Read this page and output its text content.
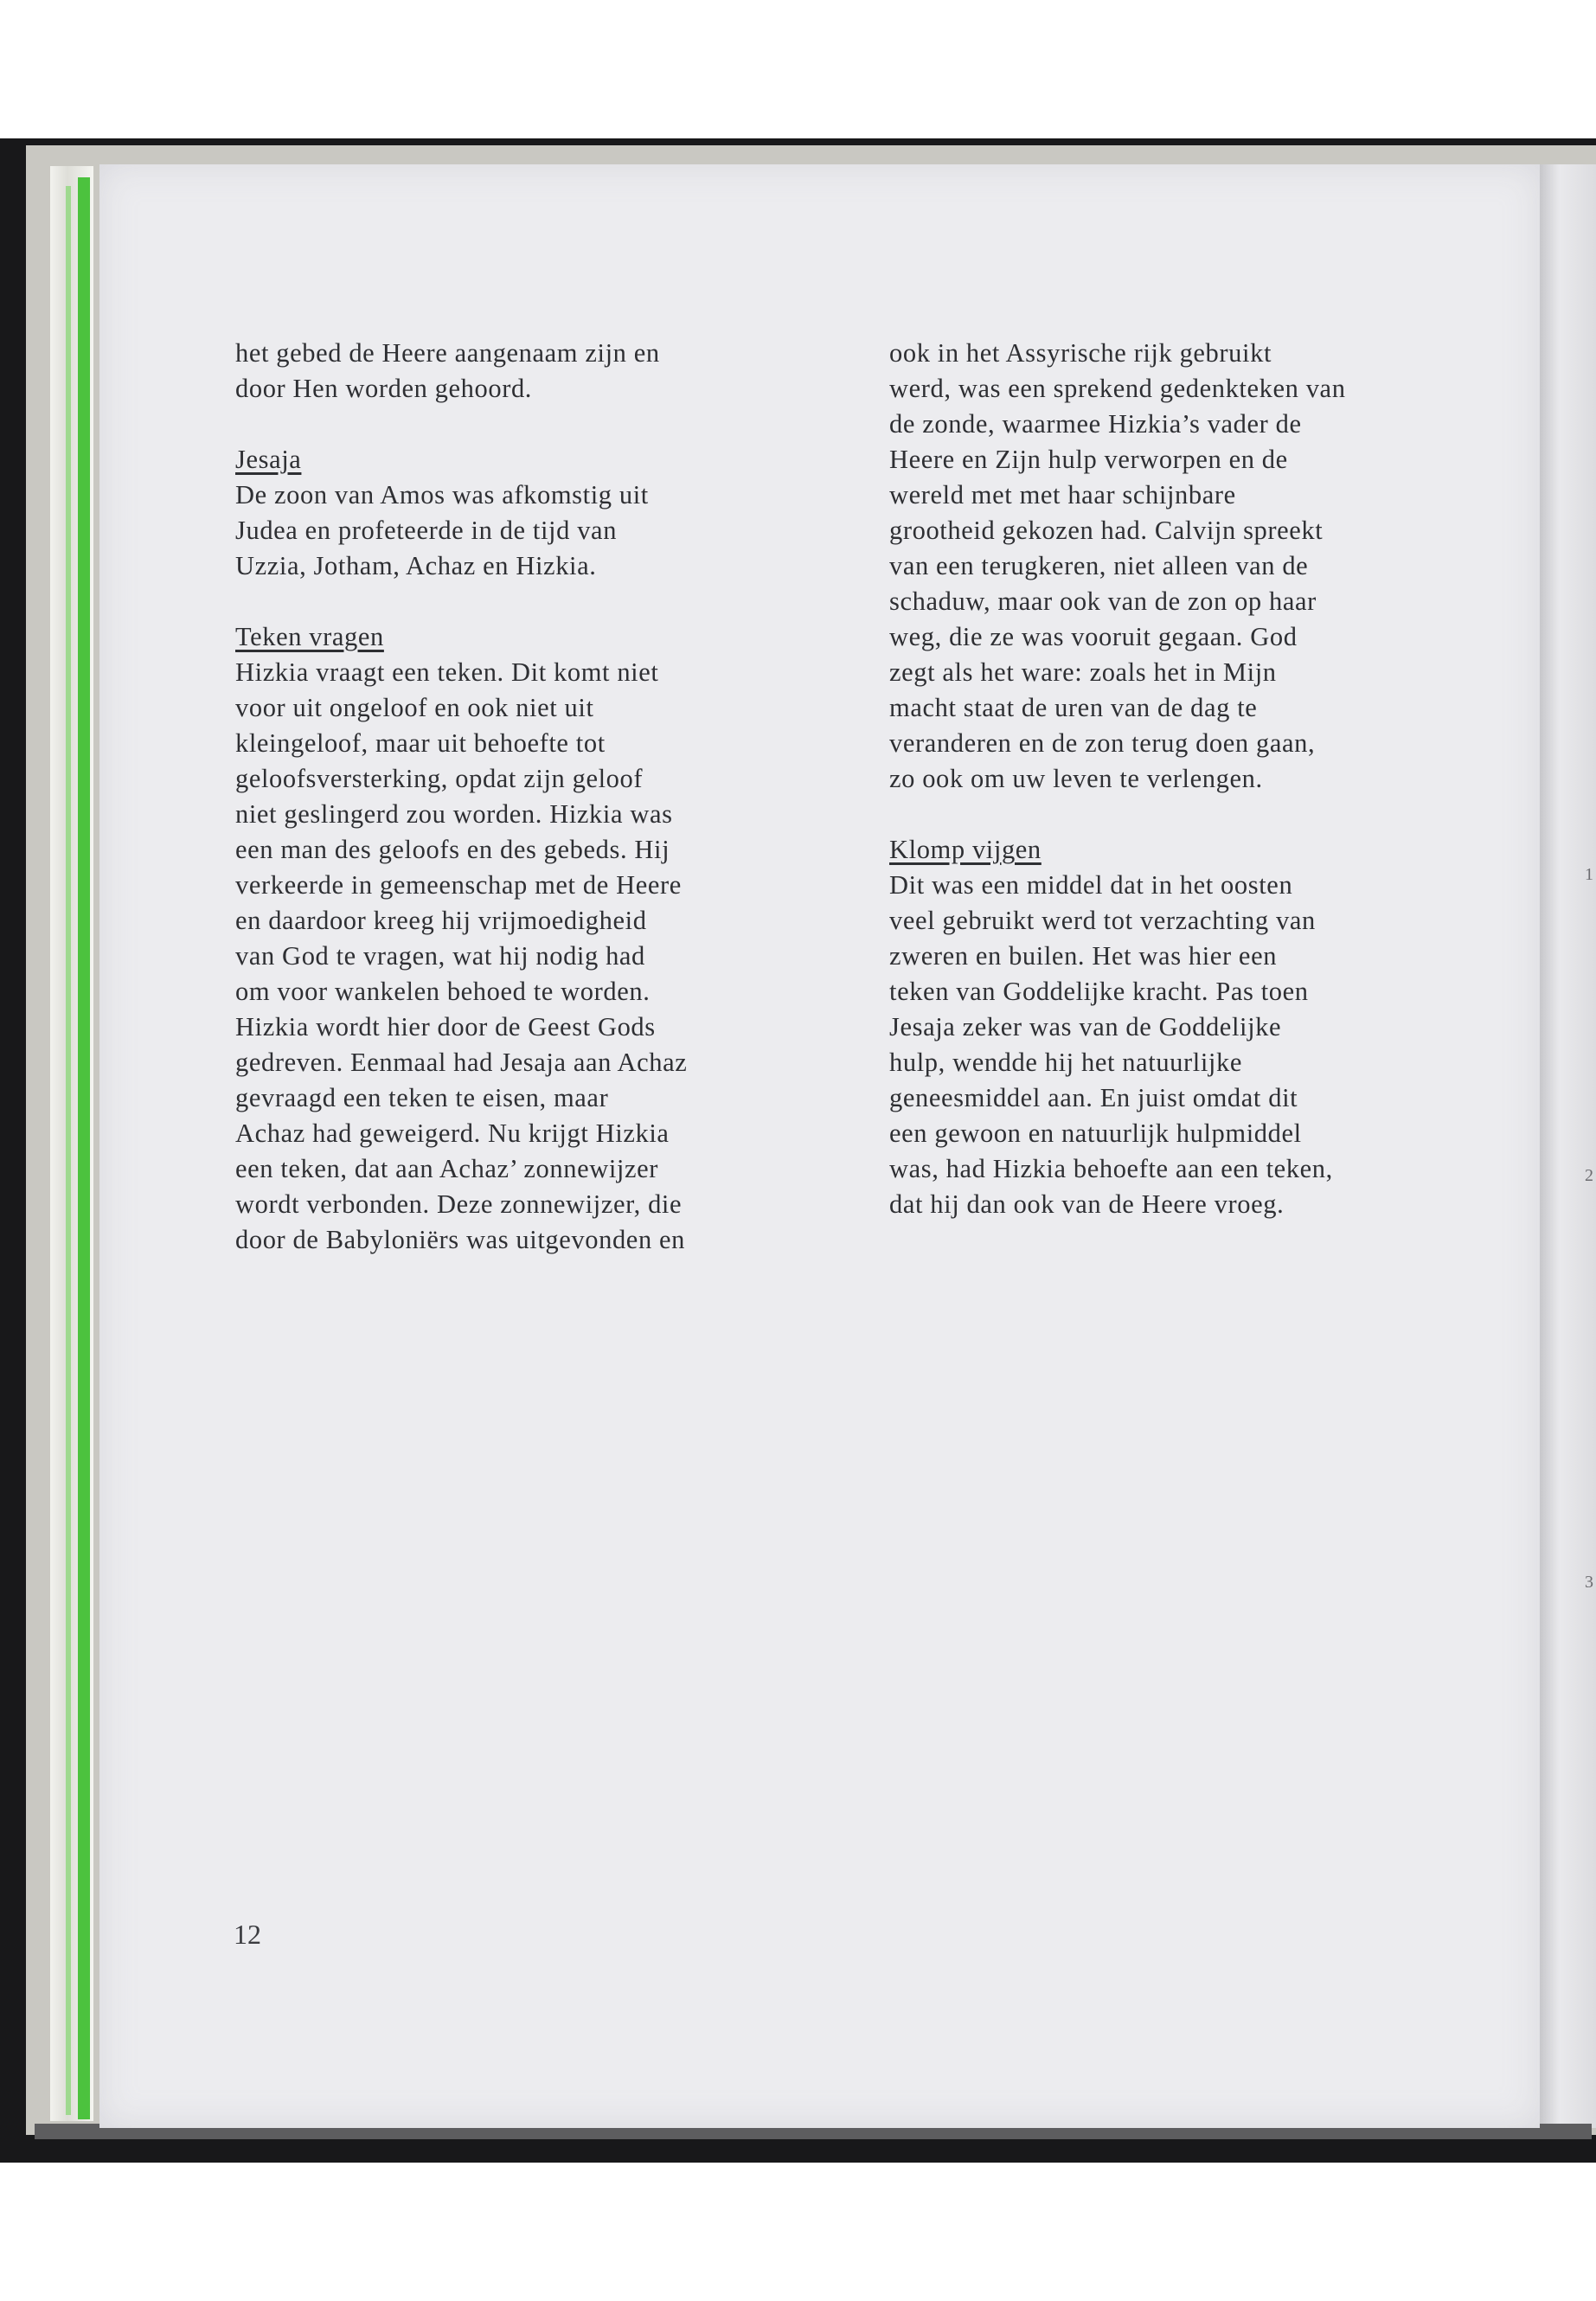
het gebed de Heere aangenaam zijn en
door Hen worden gehoord.
Jesaja
De zoon van Amos was afkomstig uit
Judea en profeteerde in de tijd van
Uzzia, Jotham, Achaz en Hizkia.
Teken vragen
Hizkia vraagt een teken. Dit komt niet
voor uit ongeloof en ook niet uit
kleingeloof, maar uit behoefte tot
geloofsversterking, opdat zijn geloof
niet geslingerd zou worden. Hizkia was
een man des geloofs en des gebeds. Hij
verkeerde in gemeenschap met de Heere
en daardoor kreeg hij vrijmoedigheid
van God te vragen, wat hij nodig had
om voor wankelen behoed te worden.
Hizkia wordt hier door de Geest Gods
gedreven. Eenmaal had Jesaja aan Achaz
gevraagd een teken te eisen, maar
Achaz had geweigerd. Nu krijgt Hizkia
een teken, dat aan Achaz’ zonnewijzer
wordt verbonden. Deze zonnewijzer, die
door de Babyloniërs was uitgevonden en
ook in het Assyrische rijk gebruikt
werd, was een sprekend gedenkteken van
de zonde, waarmee Hizkia’s vader de
Heere en Zijn hulp verworpen en de
wereld met met haar schijnbare
grootheid gekozen had. Calvijn spreekt
van een terugkeren, niet alleen van de
schaduw, maar ook van de zon op haar
weg, die ze was vooruit gegaan. God
zegt als het ware: zoals het in Mijn
macht staat de uren van de dag te
veranderen en de zon terug doen gaan,
zo ook om uw leven te verlengen.
Klomp vijgen
Dit was een middel dat in het oosten
veel gebruikt werd tot verzachting van
zweren en builen. Het was hier een
teken van Goddelijke kracht. Pas toen
Jesaja zeker was van de Goddelijke
hulp, wendde hij het natuurlijke
geneesmiddel aan. En juist omdat dit
een gewoon en natuurlijk hulpmiddel
was, had Hizkia behoefte aan een teken,
dat hij dan ook van de Heere vroeg.
12
1
2
3
